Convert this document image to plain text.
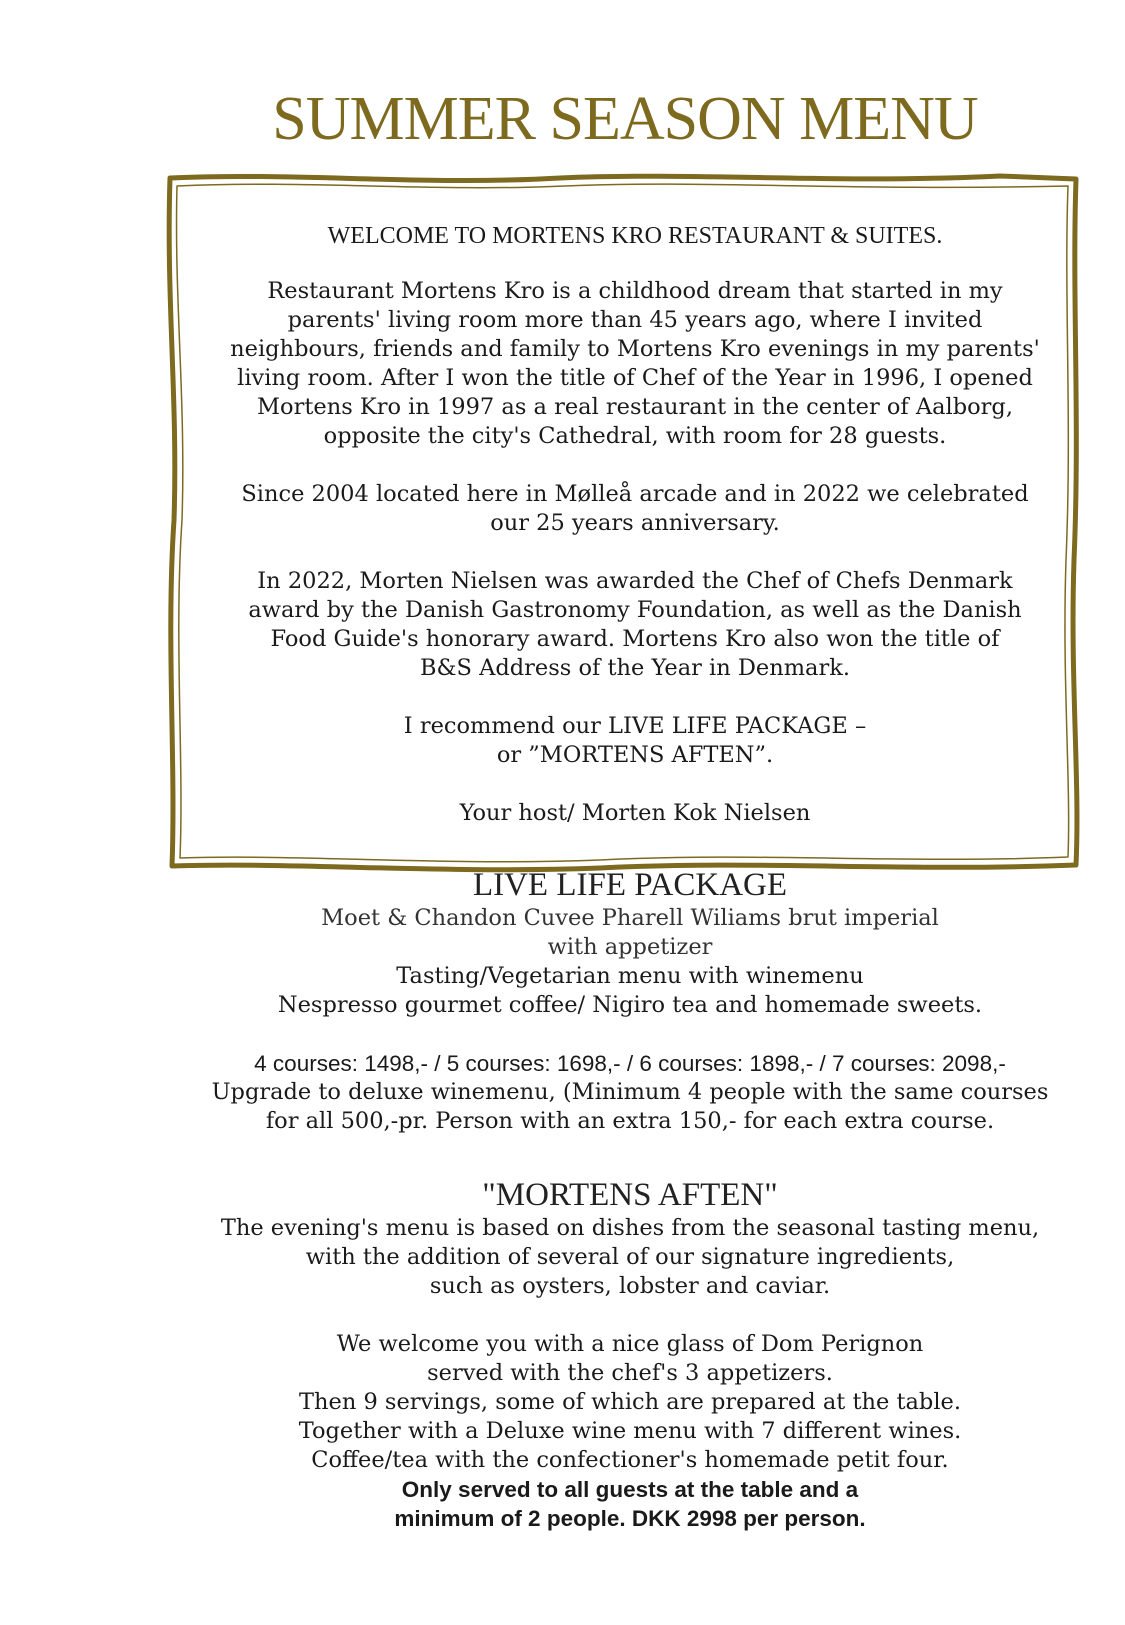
SUMMER SEASON MENU

WELCOME TO MORTENS KRO RESTAURANT & SUITES.

Restaurant Mortens Kro is a childhood dream that started in my
parents' living room more than 45 years ago, where I invited
neighbours, friends and family to Mortens Kro evenings in my parents'
living room. After I won the title of Chef of the Year in 1996, I opened
Mortens Kro in 1997 as a real restaurant in the center of Aalborg,
opposite the city's Cathedral, with room for 28 guests.

Since 2004 located here in Mølleå arcade and in 2022 we celebrated
our 25 years anniversary.

In 2022, Morten Nielsen was awarded the Chef of Chefs Denmark
award by the Danish Gastronomy Foundation, as well as the Danish
Food Guide's honorary award. Mortens Kro also won the title of
B&S Address of the Year in Denmark.

I recommend our LIVE LIFE PACKAGE –
or ”MORTENS AFTEN”.

Your host/ Morten Kok Nielsen

LIVE LIFE PACKAGE
Moet & Chandon Cuvee Pharell Wiliams brut imperial
with appetizer
Tasting/Vegetarian menu with winemenu
Nespresso gourmet coffee/ Nigiro tea and homemade sweets.
4 courses: 1498,- / 5 courses: 1698,- / 6 courses: 1898,- / 7 courses: 2098,-
Upgrade to deluxe winemenu, (Minimum 4 people with the same courses
for all 500,-pr. Person with an extra 150,- for each extra course.
"MORTENS AFTEN"
The evening's menu is based on dishes from the seasonal tasting menu,
with the addition of several of our signature ingredients,
such as oysters, lobster and caviar.
We welcome you with a nice glass of Dom Perignon
served with the chef's 3 appetizers.
Then 9 servings, some of which are prepared at the table.
Together with a Deluxe wine menu with 7 different wines.
Coffee/tea with the confectioner's homemade petit four.
Only served to all guests at the table and a
minimum of 2 people. DKK 2998 per person.
